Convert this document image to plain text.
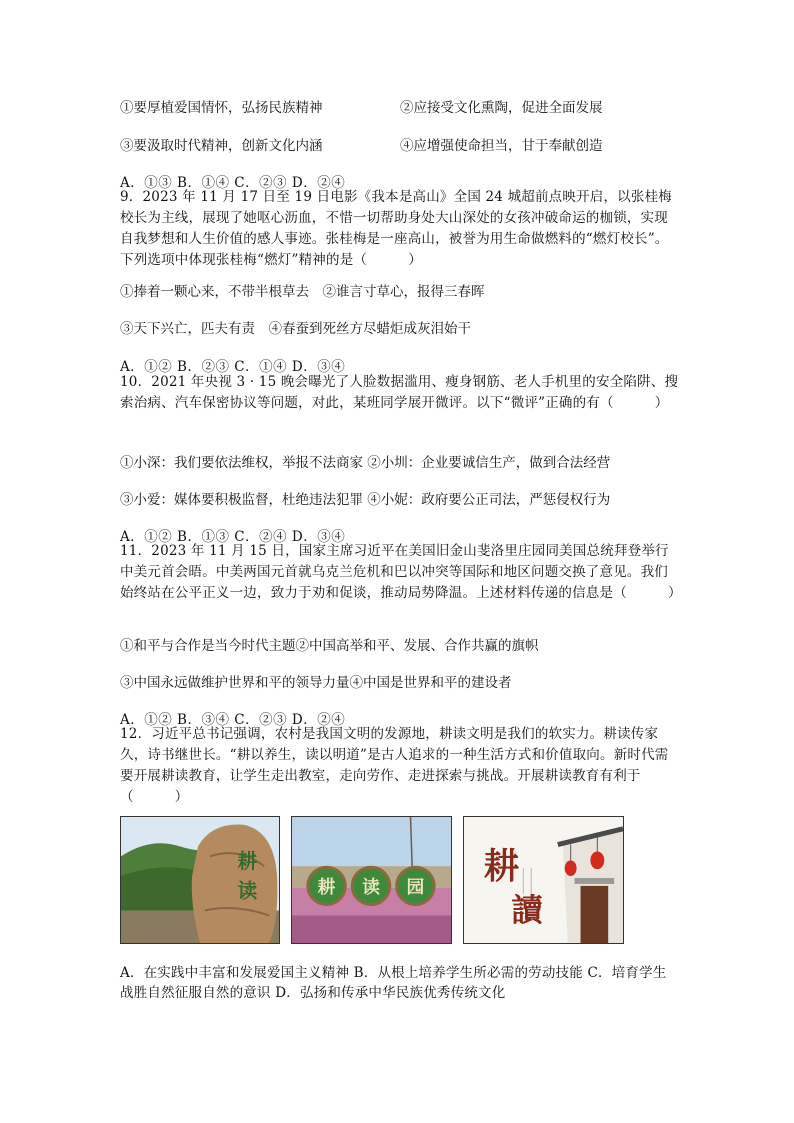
①要厚植爱国情怀，弘扬民族精神	②应接受文化熏陶，促进全面发展
③要汲取时代精神，创新文化内涵	④应增强使命担当，甘于奉献创造
A．①③ B．①④ C．②③ D．②④
9．2023 年 11 月 17 日至 19 日电影《我本是高山》全国 24 城超前点映开启，以张桂梅校长为主线，展现了她呕心沥血，不惜一切帮助身处大山深处的女孩冲破命运的枷锁，实现自我梦想和人生价值的感人事迹。张桂梅是一座高山，被誉为用生命做燃料的“燃灯校长”。下列选项中体现张桂梅“燃灯”精神的是（　　　）
①捧着一颗心来，不带半根草去　②谁言寸草心，报得三春晖
③天下兴亡，匹夫有责　④春蚕到死丝方尽蜡炬成灰泪始干
A．①② B．②③ C．①④ D．③④
10．2021 年央视 3 · 15 晚会曝光了人脸数据滥用、瘦身钢筋、老人手机里的安全陷阱、搜索治病、汽车保密协议等问题，对此，某班同学展开微评。以下“微评”正确的有（　　　）
①小深：我们要依法维权，举报不法商家 ②小圳：企业要诚信生产，做到合法经营
③小爱：媒体要积极监督，杜绝违法犯罪 ④小妮：政府要公正司法，严惩侵权行为
A．①② B．①③ C．②④ D．③④
11．2023 年 11 月 15 日，国家主席习近平在美国旧金山斐洛里庄园同美国总统拜登举行中美元首会晤。中美两国元首就乌克兰危机和巴以冲突等国际和地区问题交换了意见。我们始终站在公平正义一边，致力于劝和促谈，推动局势降温。上述材料传递的信息是（　　　）
①和平与合作是当今时代主题②中国高举和平、发展、合作共赢的旗帜
③中国永远做维护世界和平的领导力量④中国是世界和平的建设者
A．①② B．③④ C．②③ D．②④
12．习近平总书记强调，农村是我国文明的发源地，耕读文明是我们的软实力。耕读传家久，诗书继世长。“耕以养生，读以明道”是古人追求的一种生活方式和价值取向。新时代需要开展耕读教育，让学生走出教室，走向劳作、走进探索与挑战。开展耕读教育有利于（　　　）
耕
读	耕 读 园
耕
讀
A．在实践中丰富和发展爱国主义精神 B．从根上培养学生所必需的劳动技能 C．培育学生战胜自然征服自然的意识 D．弘扬和传承中华民族优秀传统文化
